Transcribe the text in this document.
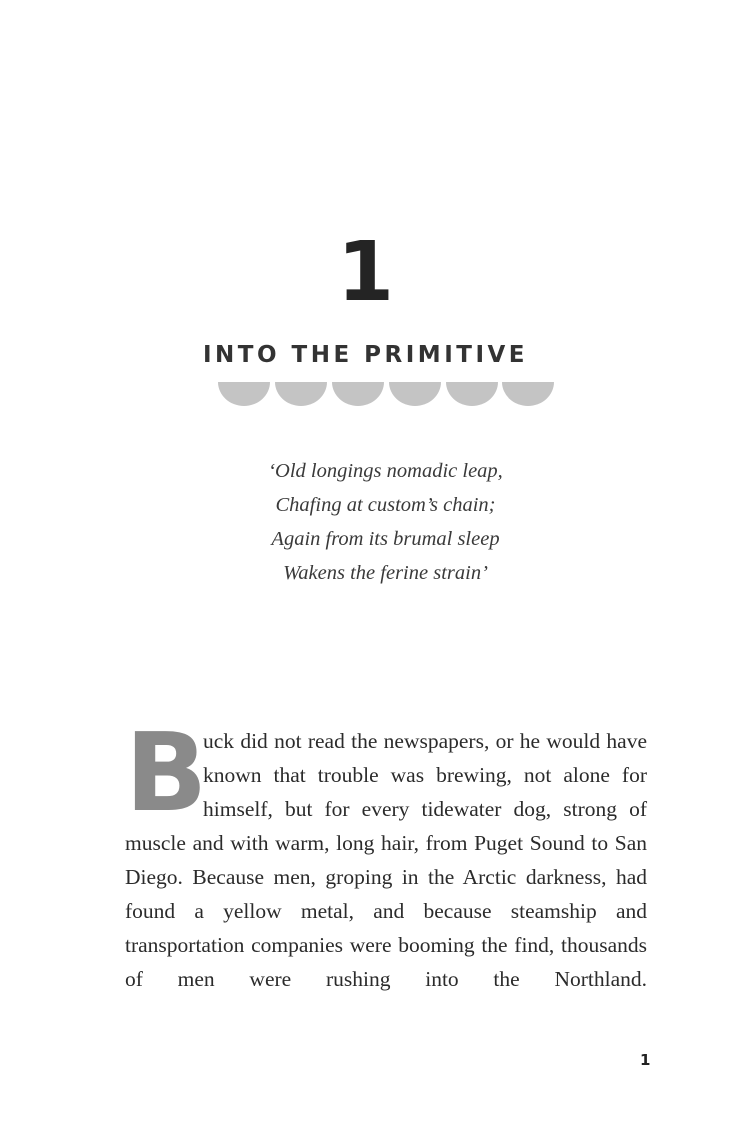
1
INTO THE PRIMITIVE
‘Old longings nomadic leap,
Chafing at custom’s chain;
Again from its brumal sleep
Wakens the ferine strain’
B
uck did not read the newspapers, or he would have known that trouble was brewing, not alone for himself, but for every tidewater dog, strong of muscle and with warm, long hair, from Puget Sound to San Diego. Because men, groping in the Arctic darkness, had found a yellow metal, and because steamship and transportation companies were booming the find, thousands of men were rushing into the Northland.
1
